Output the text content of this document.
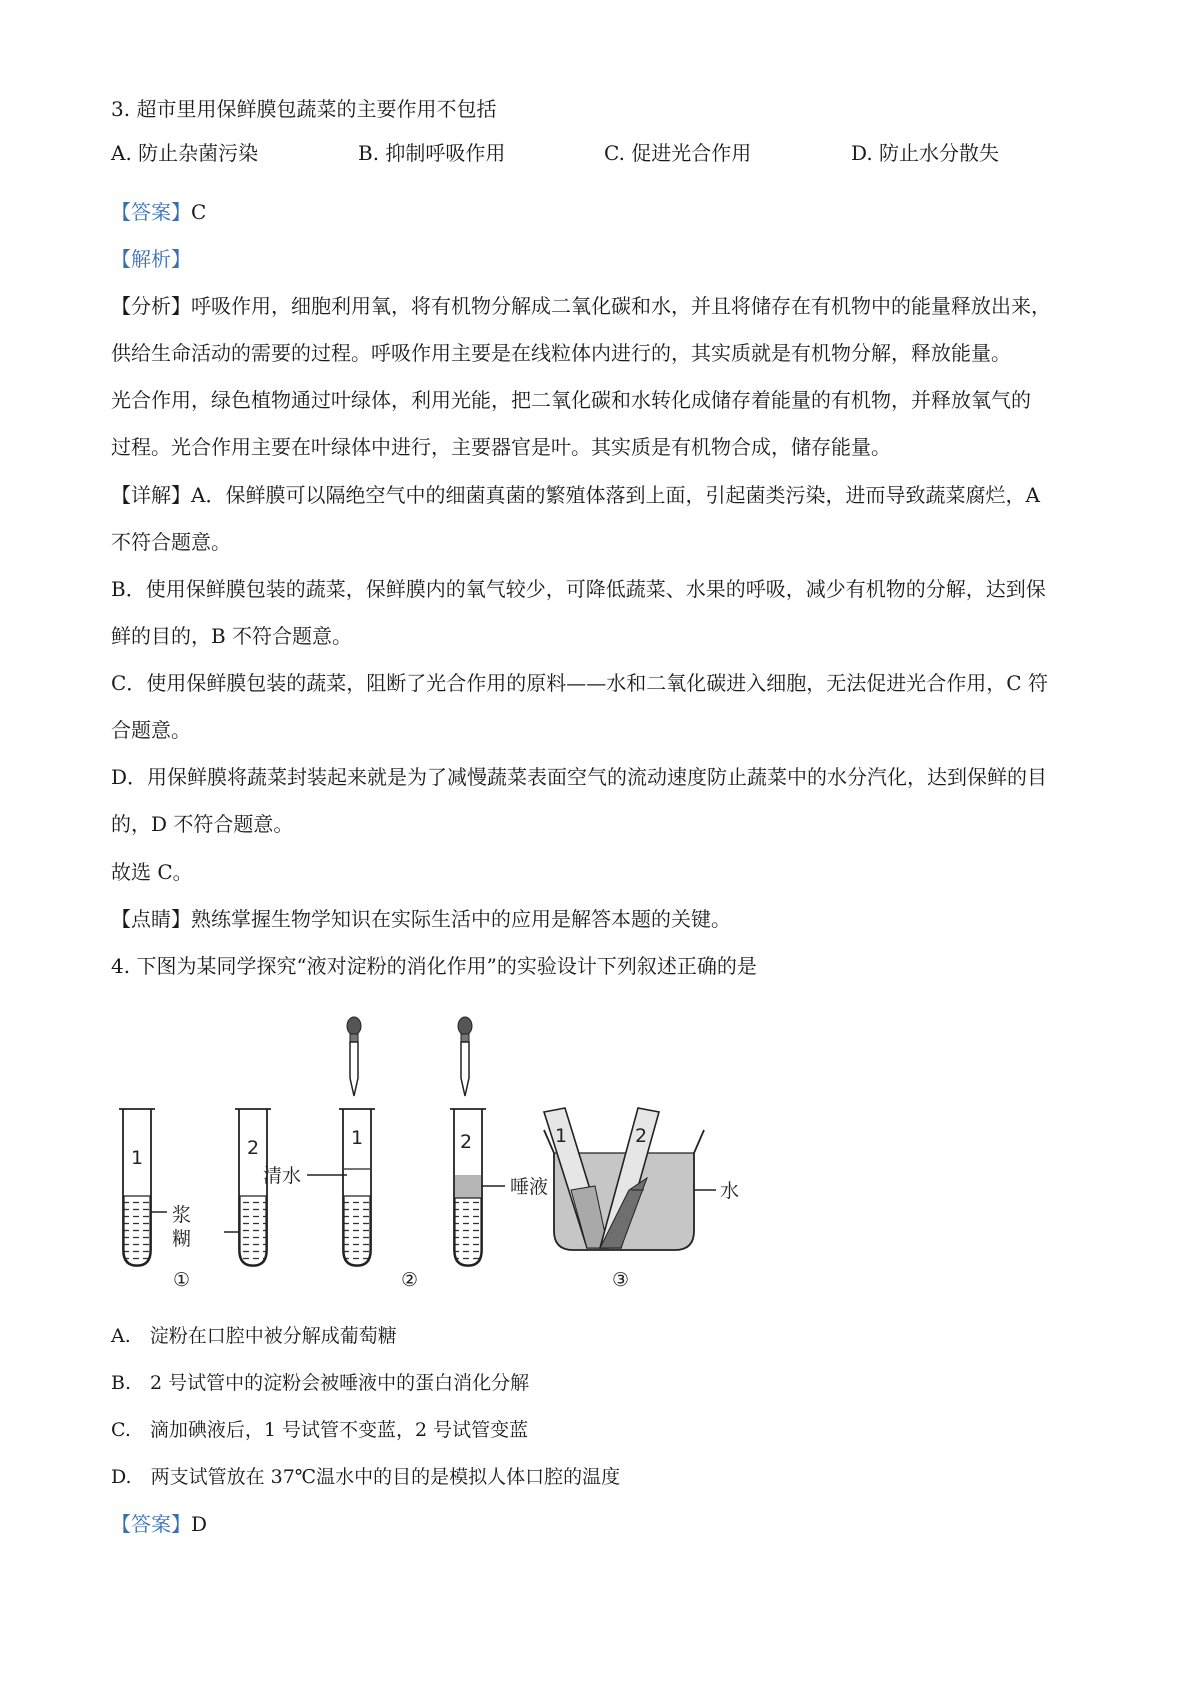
3. 超市里用保鲜膜包蔬菜的主要作用不包括
A. 防止杂菌污染	B. 抑制呼吸作用	C. 促进光合作用	D. 防止水分散失
【答案】C
【解析】
【分析】呼吸作用，细胞利用氧，将有机物分解成二氧化碳和水，并且将储存在有机物中的能量释放出来，
供给生命活动的需要的过程。呼吸作用主要是在线粒体内进行的，其实质就是有机物分解，释放能量。
光合作用，绿色植物通过叶绿体，利用光能，把二氧化碳和水转化成储存着能量的有机物，并释放氧气的
过程。光合作用主要在叶绿体中进行，主要器官是叶。其实质是有机物合成，储存能量。
【详解】A．保鲜膜可以隔绝空气中的细菌真菌的繁殖体落到上面，引起菌类污染，进而导致蔬菜腐烂，A
不符合题意。
B．使用保鲜膜包装的蔬菜，保鲜膜内的氧气较少，可降低蔬菜、水果的呼吸，减少有机物的分解，达到保
鲜的目的，B 不符合题意。
C．使用保鲜膜包装的蔬菜，阻断了光合作用的原料——水和二氧化碳进入细胞，无法促进光合作用，C 符
合题意。
D．用保鲜膜将蔬菜封装起来就是为了减慢蔬菜表面空气的流动速度防止蔬菜中的水分汽化，达到保鲜的目
的，D 不符合题意。
故选 C。
【点睛】熟练掌握生物学知识在实际生活中的应用是解答本题的关键。
4. 下图为某同学探究“液对淀粉的消化作用”的实验设计下列叙述正确的是
1
浆
糊
2	1
清水
2
唾液
1	2
水
①	②	③
A.　淀粉在口腔中被分解成葡萄糖
B.　2 号试管中的淀粉会被唾液中的蛋白消化分解
C.　滴加碘液后，1 号试管不变蓝，2 号试管变蓝
D.　两支试管放在 37℃温水中的目的是模拟人体口腔的温度
【答案】D
